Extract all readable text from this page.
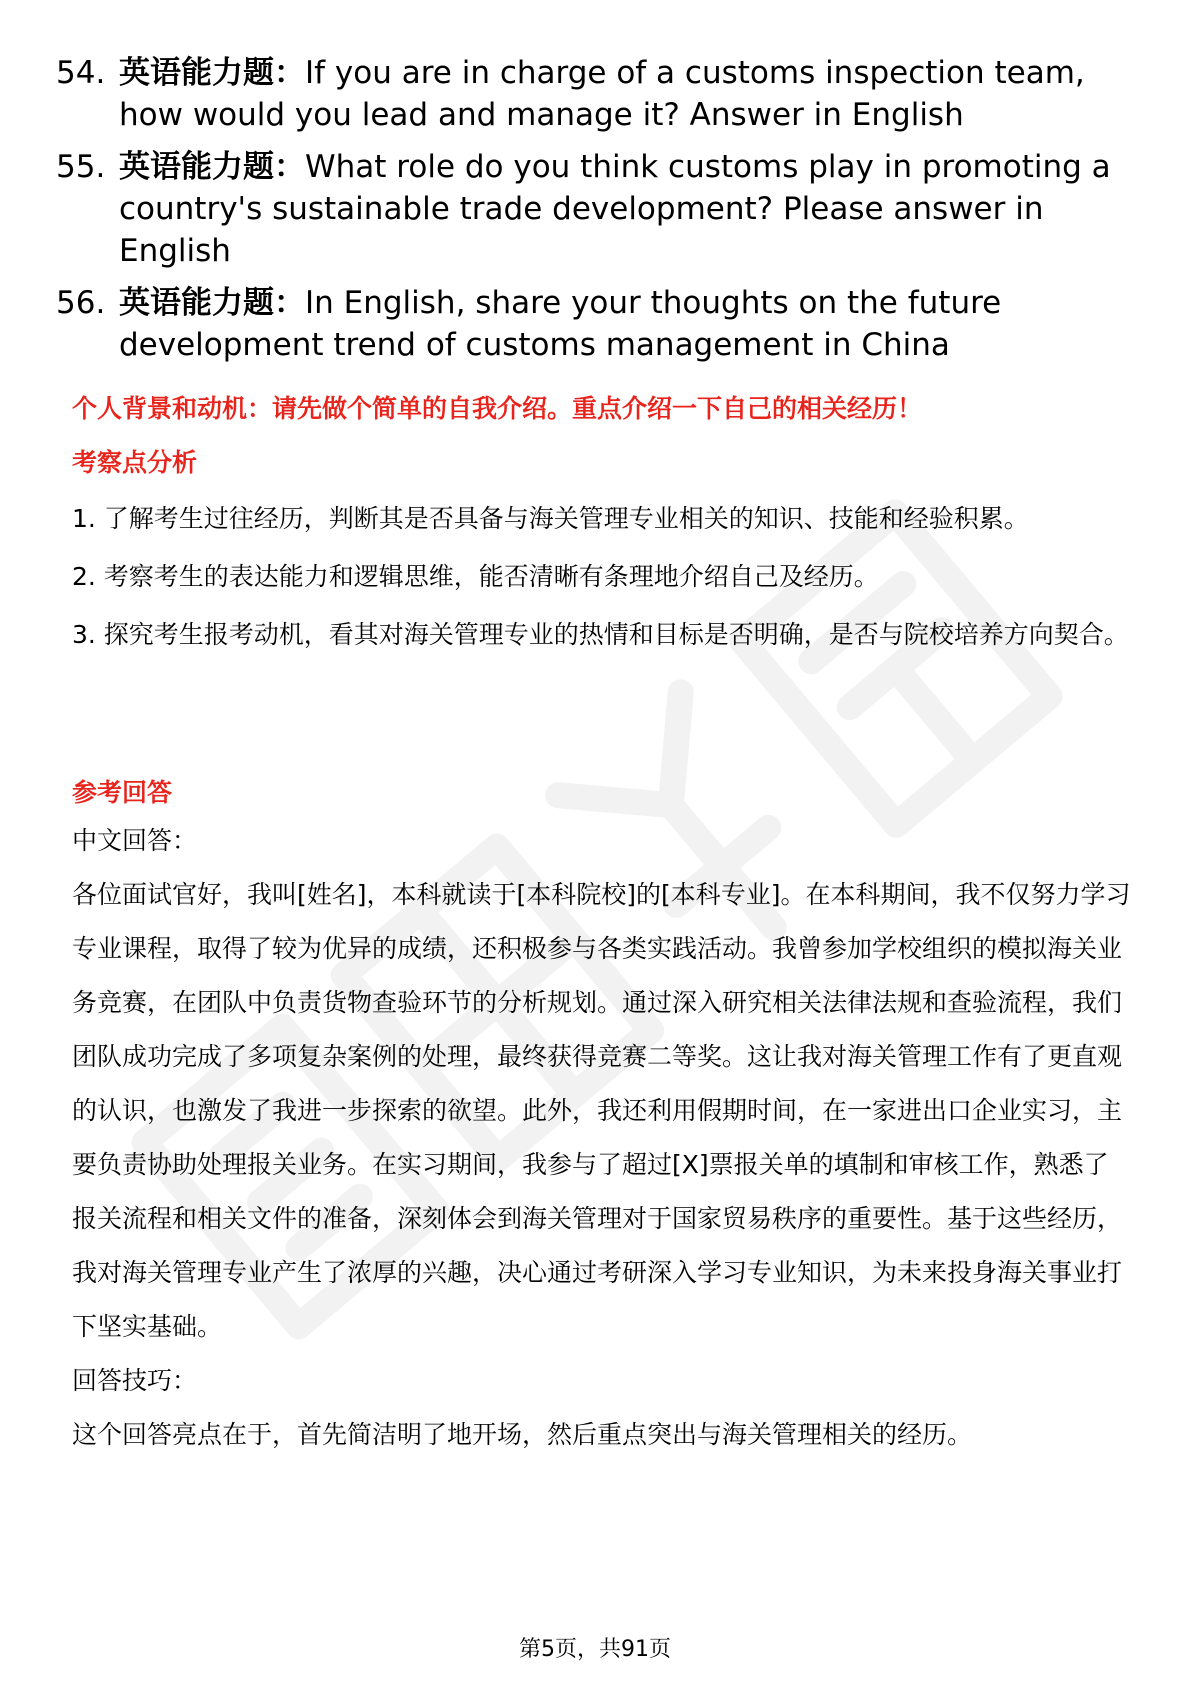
54. 英语能力题：If you are in charge of a customs inspection team, how would you lead and manage it? Answer in English
55. 英语能力题：What role do you think customs play in promoting a country's sustainable trade development? Please answer in English
56. 英语能力题：In English, share your thoughts on the future development trend of customs management in China
个人背景和动机：请先做个简单的自我介绍。重点介绍一下自己的相关经历！
考察点分析
1. 了解考生过往经历，判断其是否具备与海关管理专业相关的知识、技能和经验积累。
2. 考察考生的表达能力和逻辑思维，能否清晰有条理地介绍自己及经历。
3. 探究考生报考动机，看其对海关管理专业的热情和目标是否明确，是否与院校培养方向契合。
参考回答
中文回答：
各位面试官好，我叫[姓名]，本科就读于[本科院校]的[本科专业]。在本科期间，我不仅努力学习专业课程，取得了较为优异的成绩，还积极参与各类实践活动。我曾参加学校组织的模拟海关业务竞赛，在团队中负责货物查验环节的分析规划。通过深入研究相关法律法规和查验流程，我们团队成功完成了多项复杂案例的处理，最终获得竞赛二等奖。这让我对海关管理工作有了更直观的认识，也激发了我进一步探索的欲望。此外，我还利用假期时间，在一家进出口企业实习，主要负责协助处理报关业务。在实习期间，我参与了超过[X]票报关单的填制和审核工作，熟悉了报关流程和相关文件的准备，深刻体会到海关管理对于国家贸易秩序的重要性。基于这些经历，我对海关管理专业产生了浓厚的兴趣，决心通过考研深入学习专业知识，为未来投身海关事业打下坚实基础。
回答技巧：
这个回答亮点在于，首先简洁明了地开场，然后重点突出与海关管理相关的经历。
第5页，共91页
